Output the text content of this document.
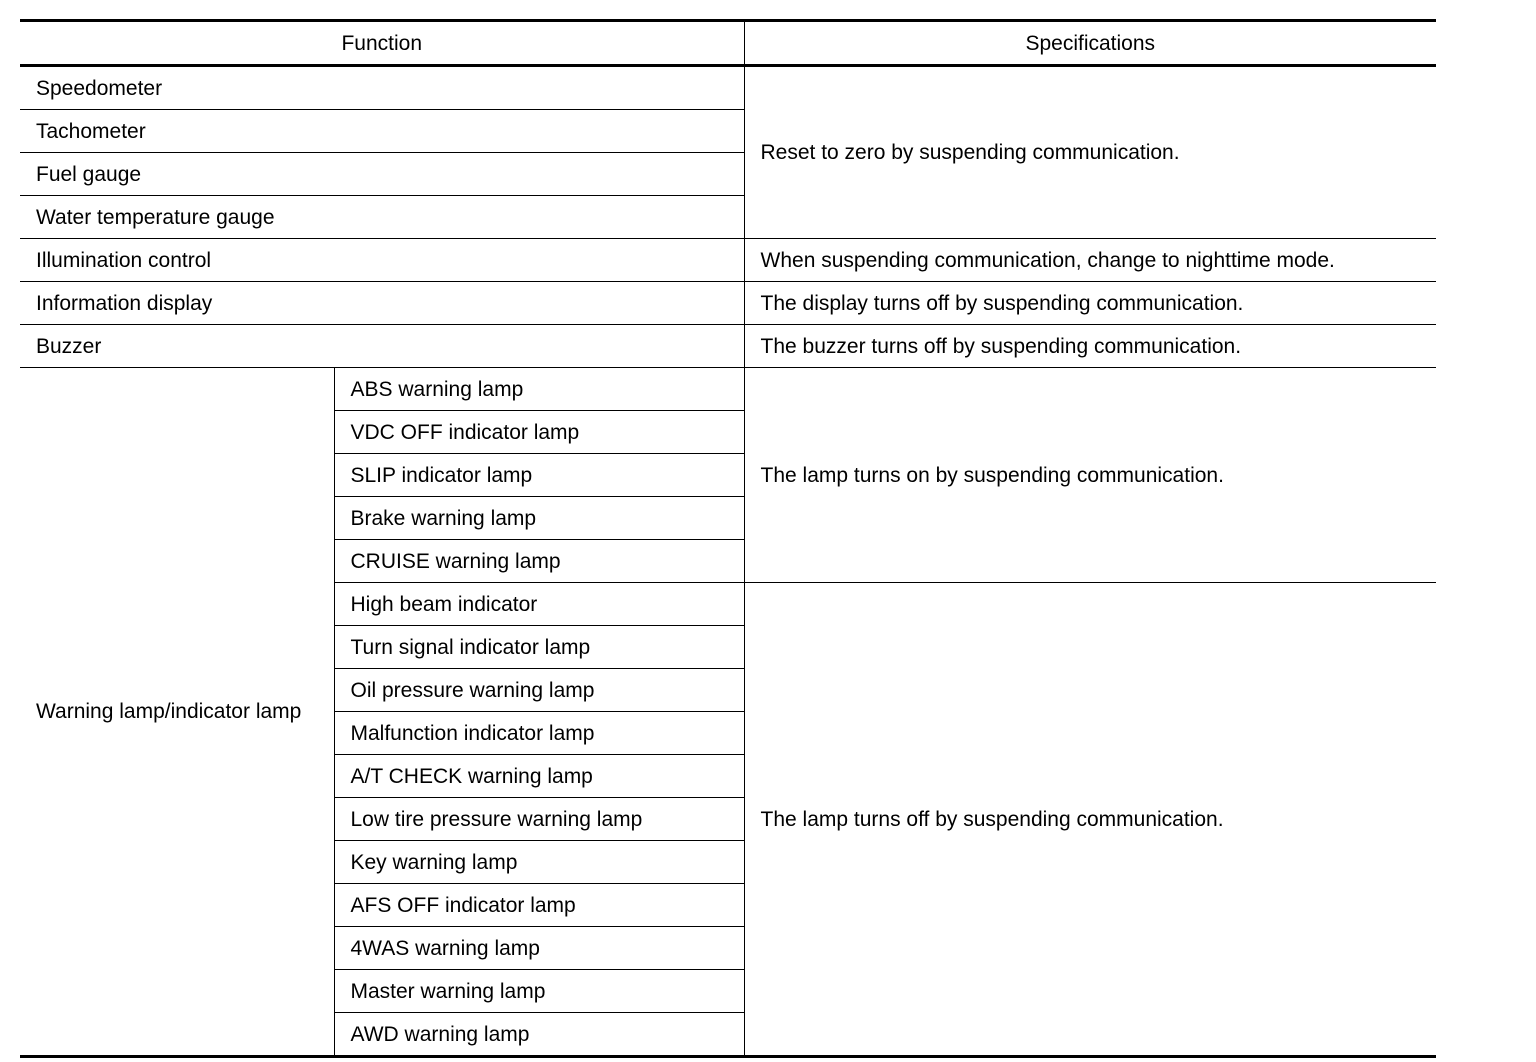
Function		Specifications
Speedometer		Reset to zero by suspending communication.
Tachometer		
Fuel gauge		
Water temperature gauge		
Illumination control		When suspending communication, change to nighttime mode.
Information display		The display turns off by suspending communication.
Buzzer		The buzzer turns off by suspending communication.
Warning lamp/indicator lamp	ABS warning lamp	The lamp turns on by suspending communication.
	VDC OFF indicator lamp	
	SLIP indicator lamp	
	Brake warning lamp	
	CRUISE warning lamp	
	High beam indicator	The lamp turns off by suspending communication.
	Turn signal indicator lamp	
	Oil pressure warning lamp	
	Malfunction indicator lamp	
	A/T CHECK warning lamp	
	Low tire pressure warning lamp	
	Key warning lamp	
	AFS OFF indicator lamp	
	4WAS warning lamp	
	Master warning lamp	
	AWD warning lamp	
